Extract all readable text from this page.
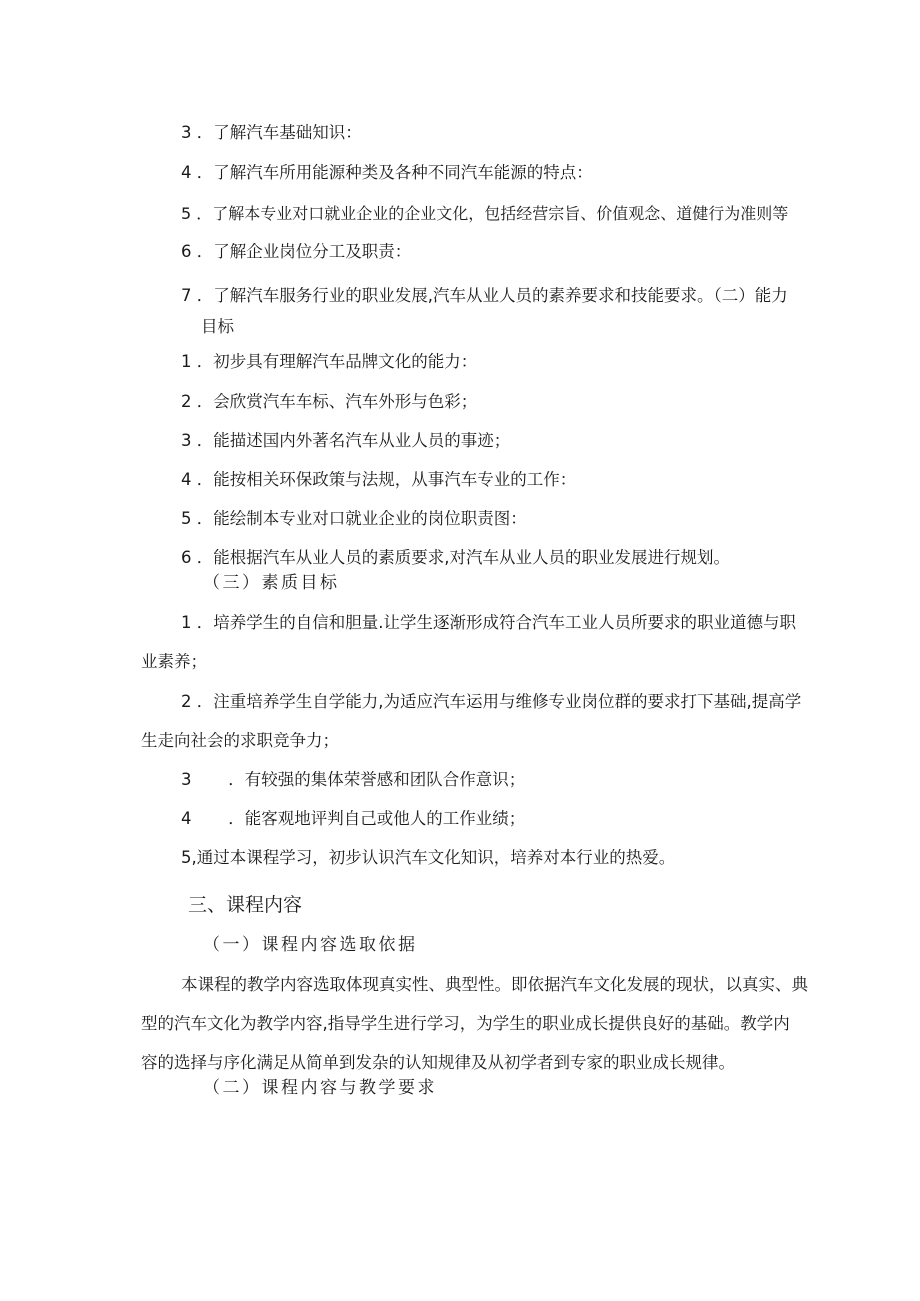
3 ．了解汽车基础知识：
4 ．了解汽车所用能源种类及各种不同汽车能源的特点：
5 ．了解本专业对口就业企业的企业文化，包括经营宗旨、价值观念、道健行为准则等
6 ．了解企业岗位分工及职责：
7 ．了解汽车服务行业的职业发展,汽车从业人员的素养要求和技能要求。（二）能力
目标
1 ．初步具有理解汽车品牌文化的能力：
2 ．会欣赏汽车车标、汽车外形与色彩；
3 ．能描述国内外著名汽车从业人员的事迹；
4 ．能按相关环保政策与法规，从事汽车专业的工作：
5 ．能绘制本专业对口就业企业的岗位职责图：
6 ．能根据汽车从业人员的素质要求,对汽车从业人员的职业发展进行规划。
（三）素质目标
1 ．培养学生的自信和胆量.让学生逐渐形成符合汽车工业人员所要求的职业道德与职
业素养；
2 ．注重培养学生自学能力,为适应汽车运用与维修专业岗位群的要求打下基础,提高学
生走向社会的求职竞争力；
3 ．有较强的集体荣誉感和团队合作意识；
4 ．能客观地评判自己或他人的工作业绩；
5,通过本课程学习，初步认识汽车文化知识，培养对本行业的热爱。
三、课程内容
（一）课程内容选取依据
本课程的教学内容选取体现真实性、典型性。即依据汽车文化发展的现状，以真实、典
型的汽车文化为教学内容,指导学生进行学习，为学生的职业成长提供良好的基础。教学内
容的选择与序化满足从简单到发杂的认知规律及从初学者到专家的职业成长规律。
（二）课程内容与教学要求
